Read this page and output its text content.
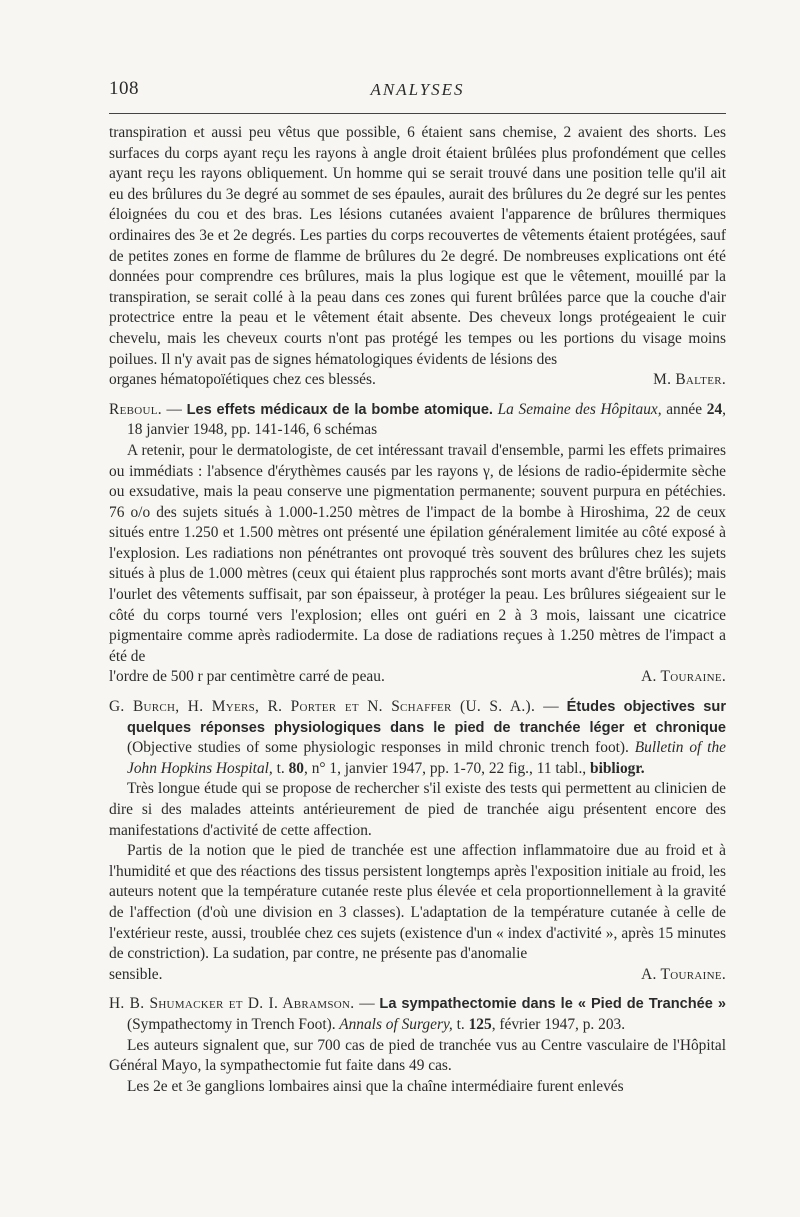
108	ANALYSES

transpiration et aussi peu vêtus que possible, 6 étaient sans chemise, 2 avaient des shorts. Les surfaces du corps ayant reçu les rayons à angle droit étaient brûlées plus profondément que celles ayant reçu les rayons obliquement. Un homme qui se serait trouvé dans une position telle qu'il ait eu des brûlures du 3e degré au sommet de ses épaules, aurait des brûlures du 2e degré sur les pentes éloignées du cou et des bras. Les lésions cutanées avaient l'apparence de brûlures thermiques ordinaires des 3e et 2e degrés. Les parties du corps recouvertes de vêtements étaient protégées, sauf de petites zones en forme de flamme de brûlures du 2e degré. De nombreuses explications ont été données pour comprendre ces brûlures, mais la plus logique est que le vêtement, mouillé par la transpiration, se serait collé à la peau dans ces zones qui furent brûlées parce que la couche d'air protectrice entre la peau et le vêtement était absente. Des cheveux longs protégeaient le cuir chevelu, mais les cheveux courts n'ont pas protégé les tempes ou les portions du visage moins poilues. Il n'y avait pas de signes hématologiques évidents de lésions des

organes hématopoïétiques chez ces blessés.	M. Balter.

Reboul. — Les effets médicaux de la bombe atomique. La Semaine des Hôpitaux, année 24, 18 janvier 1948, pp. 141-146, 6 schémas

A retenir, pour le dermatologiste, de cet intéressant travail d'ensemble, parmi les effets primaires ou immédiats : l'absence d'érythèmes causés par les rayons γ, de lésions de radio-épidermite sèche ou exsudative, mais la peau conserve une pigmentation permanente; souvent purpura en pétéchies. 76 o/o des sujets situés à 1.000-1.250 mètres de l'impact de la bombe à Hiroshima, 22 de ceux situés entre 1.250 et 1.500 mètres ont présenté une épilation généralement limitée au côté exposé à l'explosion. Les radiations non pénétrantes ont provoqué très souvent des brûlures chez les sujets situés à plus de 1.000 mètres (ceux qui étaient plus rapprochés sont morts avant d'être brûlés); mais l'ourlet des vêtements suffisait, par son épaisseur, à protéger la peau. Les brûlures siégeaient sur le côté du corps tourné vers l'explosion; elles ont guéri en 2 à 3 mois, laissant une cicatrice pigmentaire comme après radiodermite. La dose de radiations reçues à 1.250 mètres de l'impact a été de

l'ordre de 500 r par centimètre carré de peau.	A. Touraine.

G. Burch, H. Myers, R. Porter et N. Schaffer (U. S. A.). — Études objectives sur quelques réponses physiologiques dans le pied de tranchée léger et chronique (Objective studies of some physiologic responses in mild chronic trench foot). Bulletin of the John Hopkins Hospital, t. 80, n° 1, janvier 1947, pp. 1-70, 22 fig., 11 tabl., bibliogr.

Très longue étude qui se propose de rechercher s'il existe des tests qui permettent au clinicien de dire si des malades atteints antérieurement de pied de tranchée aigu présentent encore des manifestations d'activité de cette affection.

Partis de la notion que le pied de tranchée est une affection inflammatoire due au froid et à l'humidité et que des réactions des tissus persistent longtemps après l'exposition initiale au froid, les auteurs notent que la température cutanée reste plus élevée et cela proportionnellement à la gravité de l'affection (d'où une division en 3 classes). L'adaptation de la température cutanée à celle de l'extérieur reste, aussi, troublée chez ces sujets (existence d'un « index d'activité », après 15 minutes de constriction). La sudation, par contre, ne présente pas d'anomalie

sensible.	A. Touraine.

H. B. Shumacker et D. I. Abramson. — La sympathectomie dans le « Pied de Tranchée » (Sympathectomy in Trench Foot). Annals of Surgery, t. 125, février 1947, p. 203.

Les auteurs signalent que, sur 700 cas de pied de tranchée vus au Centre vasculaire de l'Hôpital Général Mayo, la sympathectomie fut faite dans 49 cas.

Les 2e et 3e ganglions lombaires ainsi que la chaîne intermédiaire furent enlevés
